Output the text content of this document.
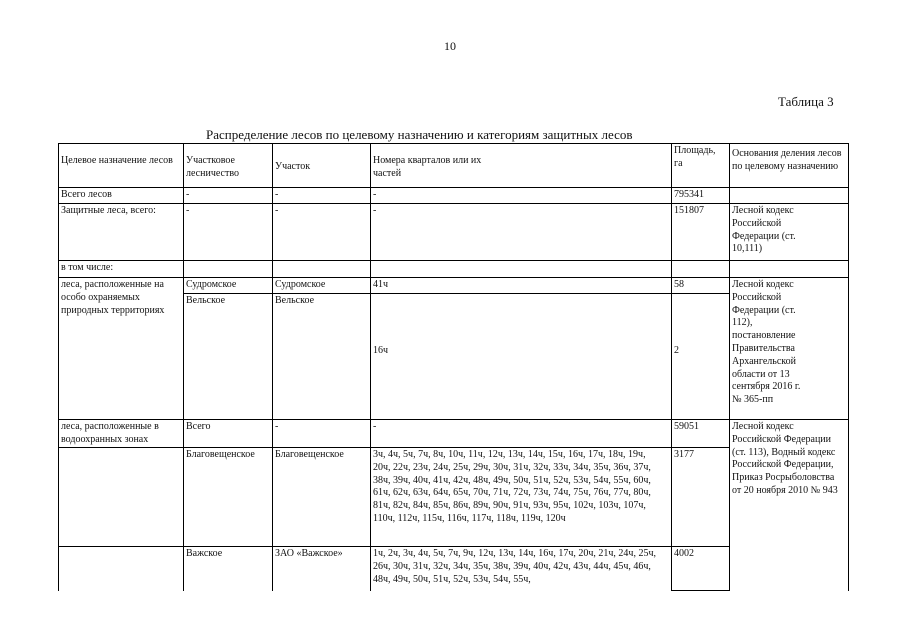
10
Таблица 3
Распределение лесов по целевому назначению и категориям защитных лесов
Целевое назначение лесов	Участковое лесничество	Участок	Номера кварталов или их частей	Площадь, га	Основания деления лесов по целевому назначению

Всего лесов	-	-	-	795341	
Защитные леса, всего:	-	-	-	151807	Лесной кодекс Российской Федерации (ст. 10,111)

в том числе:					

леса, расположенные на особо охраняемых природных территориях	Судромское	Судромское	41ч	58	Лесной кодекс Российской Федерации (ст. 112), постановление Правительства Архангельской области от 13 сентября 2016 г. № 365-пп

	Вельское	Вельское	16ч	2	

леса, расположенные в водоохранных зонах	Всего	-	-	59051	Лесной кодекс Российской Федерации (ст. 113), Водный кодекс Российской Федерации, Приказ Росрыболовства от 20 ноября 2010 № 943

	Благовещенское	Благовещенское	3ч, 4ч, 5ч, 7ч, 8ч, 10ч, 11ч, 12ч, 13ч, 14ч, 15ч, 16ч, 17ч, 18ч, 19ч, 20ч, 22ч, 23ч, 24ч, 25ч, 29ч, 30ч, 31ч, 32ч, 33ч, 34ч, 35ч, 36ч, 37ч, 38ч, 39ч, 40ч, 41ч, 42ч, 48ч, 49ч, 50ч, 51ч, 52ч, 53ч, 54ч, 55ч, 60ч, 61ч, 62ч, 63ч, 64ч, 65ч, 70ч, 71ч, 72ч, 73ч, 74ч, 75ч, 76ч, 77ч, 80ч, 81ч, 82ч, 84ч, 85ч, 86ч, 89ч, 90ч, 91ч, 93ч, 95ч, 102ч, 103ч, 107ч, 110ч, 112ч, 115ч, 116ч, 117ч, 118ч, 119ч, 120ч	3177	
	Важское	ЗАО «Важское»	1ч, 2ч, 3ч, 4ч, 5ч, 7ч, 9ч, 12ч, 13ч, 14ч, 16ч, 17ч, 20ч, 21ч, 24ч, 25ч, 26ч, 30ч, 31ч, 32ч, 34ч, 35ч, 38ч, 39ч, 40ч, 42ч, 43ч, 44ч, 45ч, 46ч, 48ч, 49ч, 50ч, 51ч, 52ч, 53ч, 54ч, 55ч,	4002	
